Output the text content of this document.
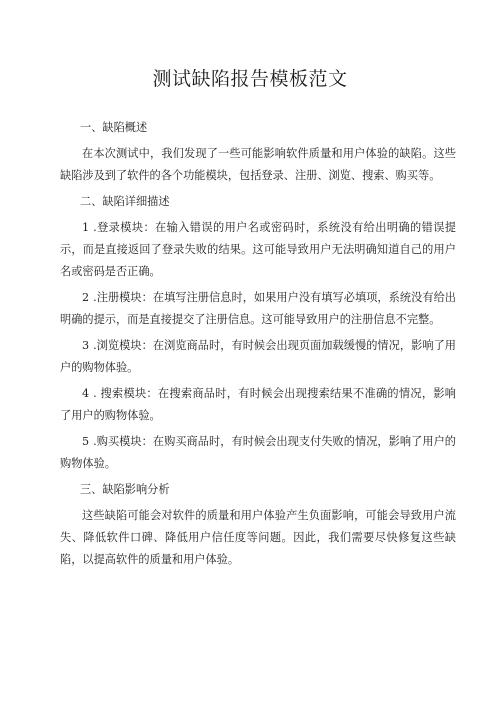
测试缺陷报告模板范文

一、缺陷概述

在本次测试中，我们发现了一些可能影响软件质量和用户体验的缺陷。这些缺陷涉及到了软件的各个功能模块，包括登录、注册、浏览、搜索、购买等。

二、缺陷详细描述

1 .登录模块：在输入错误的用户名或密码时，系统没有给出明确的错误提示，而是直接返回了登录失败的结果。这可能导致用户无法明确知道自己的用户名或密码是否正确。

2 .注册模块：在填写注册信息时，如果用户没有填写必填项，系统没有给出明确的提示，而是直接提交了注册信息。这可能导致用户的注册信息不完整。

3 .浏览模块：在浏览商品时，有时候会出现页面加载缓慢的情况，影响了用户的购物体验。

4 . 搜索模块：在搜索商品时，有时候会出现搜索结果不准确的情况，影响了用户的购物体验。

5 .购买模块：在购买商品时，有时候会出现支付失败的情况，影响了用户的购物体验。

三、缺陷影响分析

这些缺陷可能会对软件的质量和用户体验产生负面影响，可能会导致用户流失、降低软件口碑、降低用户信任度等问题。因此，我们需要尽快修复这些缺陷，以提高软件的质量和用户体验。
